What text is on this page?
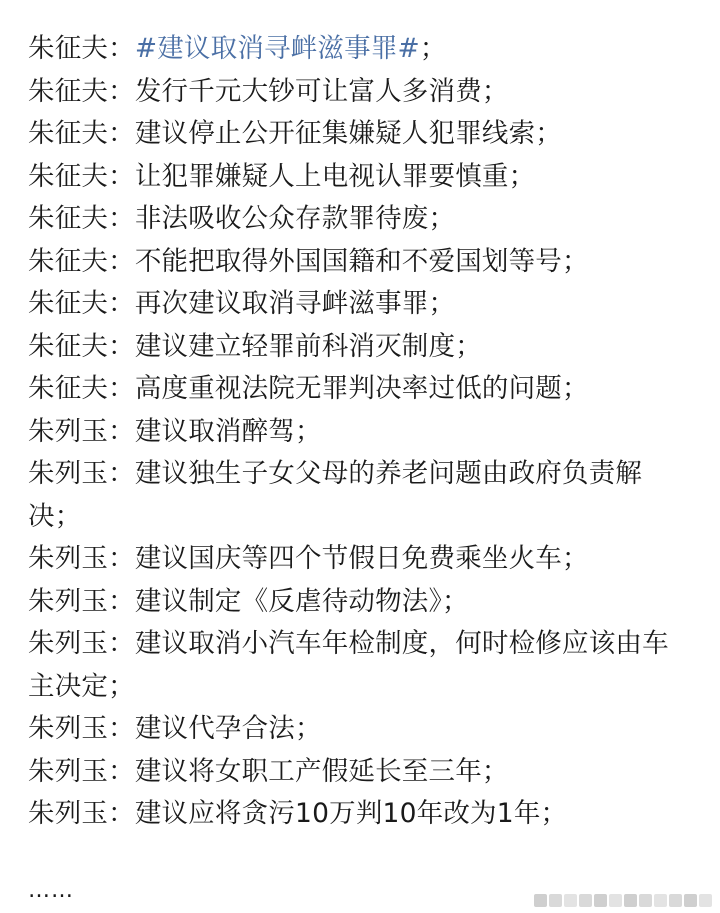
朱征夫：#建议取消寻衅滋事罪#；
朱征夫：发行千元大钞可让富人多消费；
朱征夫：建议停止公开征集嫌疑人犯罪线索；
朱征夫：让犯罪嫌疑人上电视认罪要慎重；
朱征夫：非法吸收公众存款罪待废；
朱征夫：不能把取得外国国籍和不爱国划等号；
朱征夫：再次建议取消寻衅滋事罪；
朱征夫：建议建立轻罪前科消灭制度；
朱征夫：高度重视法院无罪判决率过低的问题；
朱列玉：建议取消醉驾；
朱列玉：建议独生子女父母的养老问题由政府负责解决；
朱列玉：建议国庆等四个节假日免费乘坐火车；
朱列玉：建议制定《反虐待动物法》；
朱列玉：建议取消小汽车年检制度，何时检修应该由车主决定；
朱列玉：建议代孕合法；
朱列玉：建议将女职工产假延长至三年；
朱列玉：建议应将贪污10万判10年改为1年；
……
